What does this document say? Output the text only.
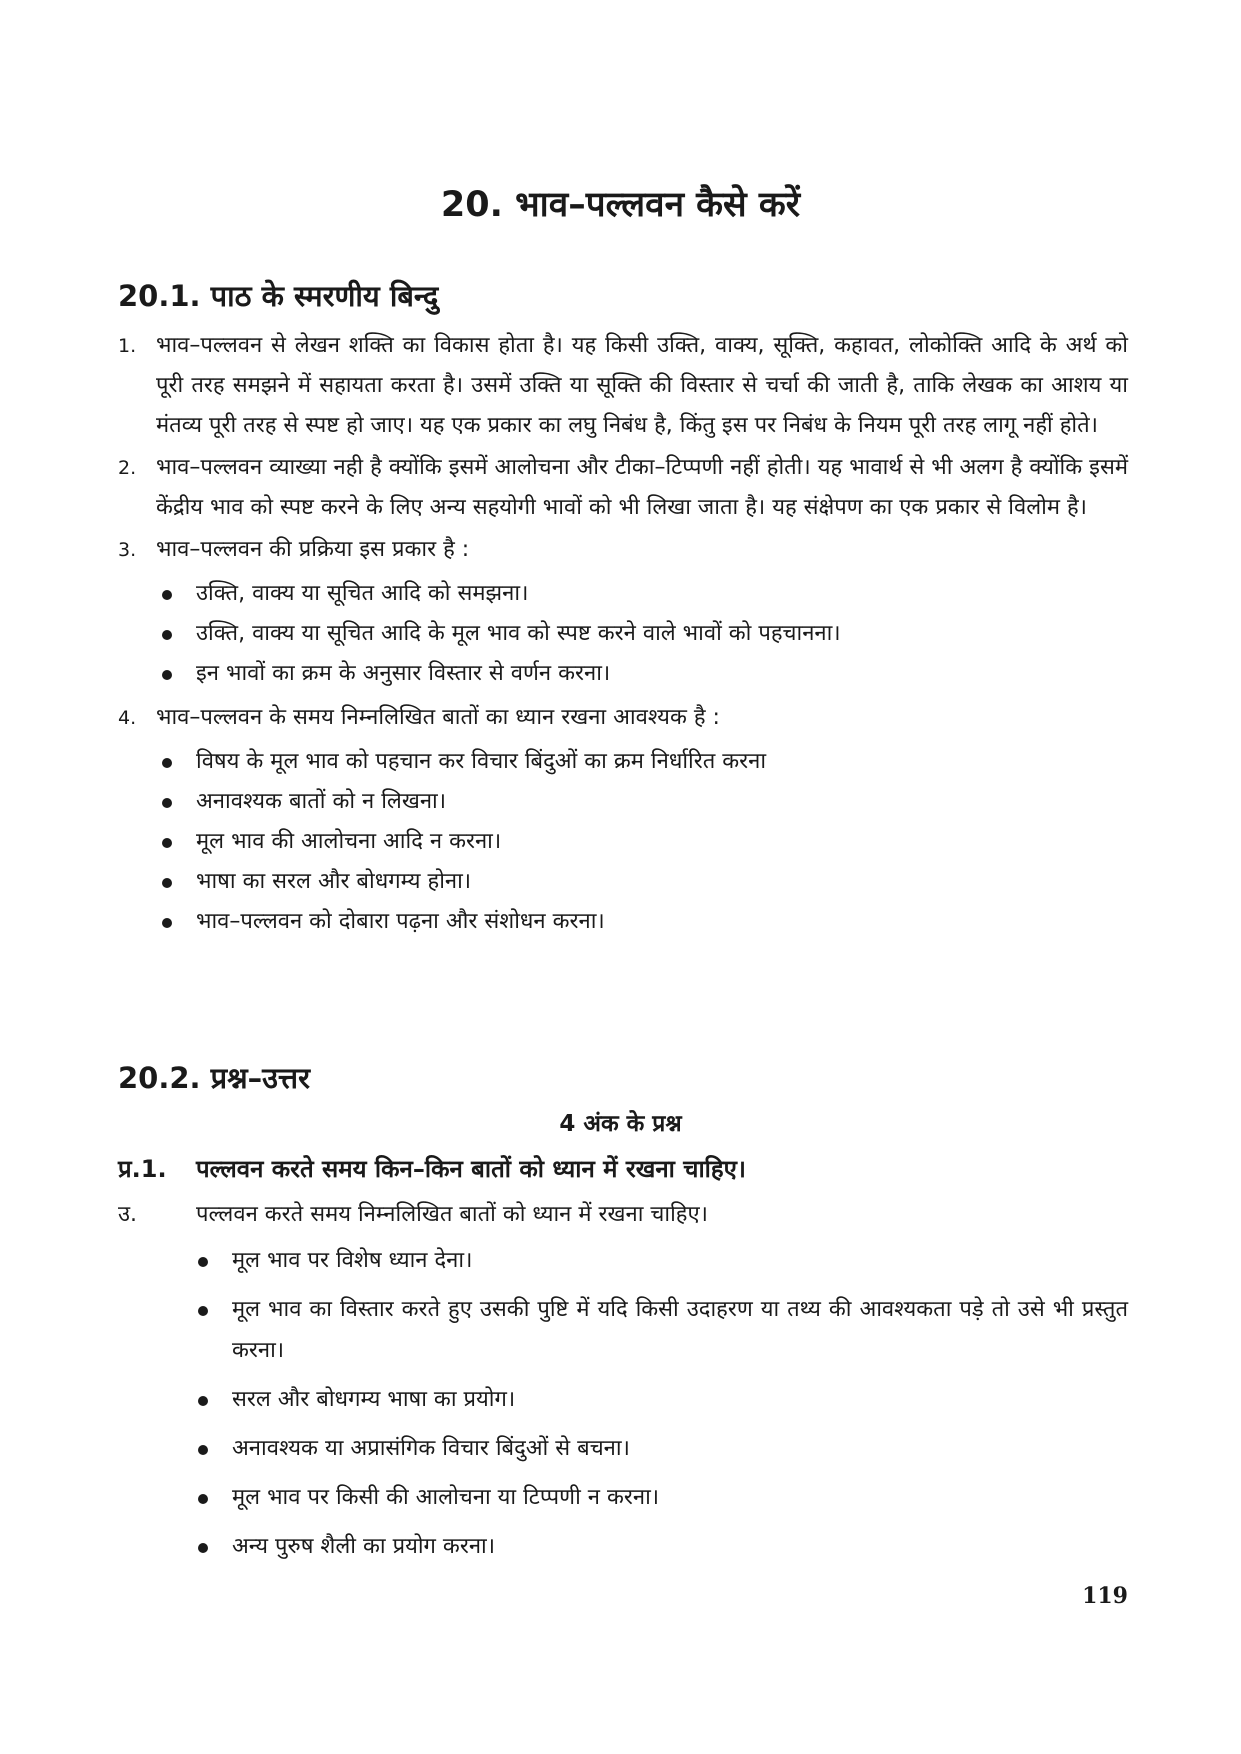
20. भाव–पल्लवन कैसे करें
20.1. पाठ के स्मरणीय बिन्दु
1. भाव–पल्लवन से लेखन शक्ति का विकास होता है। यह किसी उक्ति, वाक्य, सूक्ति, कहावत, लोकोक्ति आदि के अर्थ को पूरी तरह समझने में सहायता करता है। उसमें उक्ति या सूक्ति की विस्तार से चर्चा की जाती है, ताकि लेखक का आशय या मंतव्य पूरी तरह से स्पष्ट हो जाए। यह एक प्रकार का लघु निबंध है, किंतु इस पर निबंध के नियम पूरी तरह लागू नहीं होते।
2. भाव–पल्लवन व्याख्या नही है क्योंकि इसमें आलोचना और टीका–टिप्पणी नहीं होती। यह भावार्थ से भी अलग है क्योंकि इसमें केंद्रीय भाव को स्पष्ट करने के लिए अन्य सहयोगी भावों को भी लिखा जाता है। यह संक्षेपण का एक प्रकार से विलोम है।
3. भाव–पल्लवन की प्रक्रिया इस प्रकार है :
उक्ति, वाक्य या सूचित आदि को समझना।
उक्ति, वाक्य या सूचित आदि के मूल भाव को स्पष्ट करने वाले भावों को पहचानना।
इन भावों का क्रम के अनुसार विस्तार से वर्णन करना।
4. भाव–पल्लवन के समय निम्नलिखित बातों का ध्यान रखना आवश्यक है :
विषय के मूल भाव को पहचान कर विचार बिंदुओं का क्रम निर्धारित करना
अनावश्यक बातों को न लिखना।
मूल भाव की आलोचना आदि न करना।
भाषा का सरल और बोधगम्य होना।
भाव–पल्लवन को दोबारा पढ़ना और संशोधन करना।
20.2. प्रश्न–उत्तर
4 अंक के प्रश्न
प्र.1. पल्लवन करते समय किन–किन बातों को ध्यान में रखना चाहिए।
उ.	पल्लवन करते समय निम्नलिखित बातों को ध्यान में रखना चाहिए।
मूल भाव पर विशेष ध्यान देना।
मूल भाव का विस्तार करते हुए उसकी पुष्टि में यदि किसी उदाहरण या तथ्य की आवश्यकता पड़े तो उसे भी प्रस्तुत करना।
सरल और बोधगम्य भाषा का प्रयोग।
अनावश्यक या अप्रासंगिक विचार बिंदुओं से बचना।
मूल भाव पर किसी की आलोचना या टिप्पणी न करना।
अन्य पुरुष शैली का प्रयोग करना।
119
